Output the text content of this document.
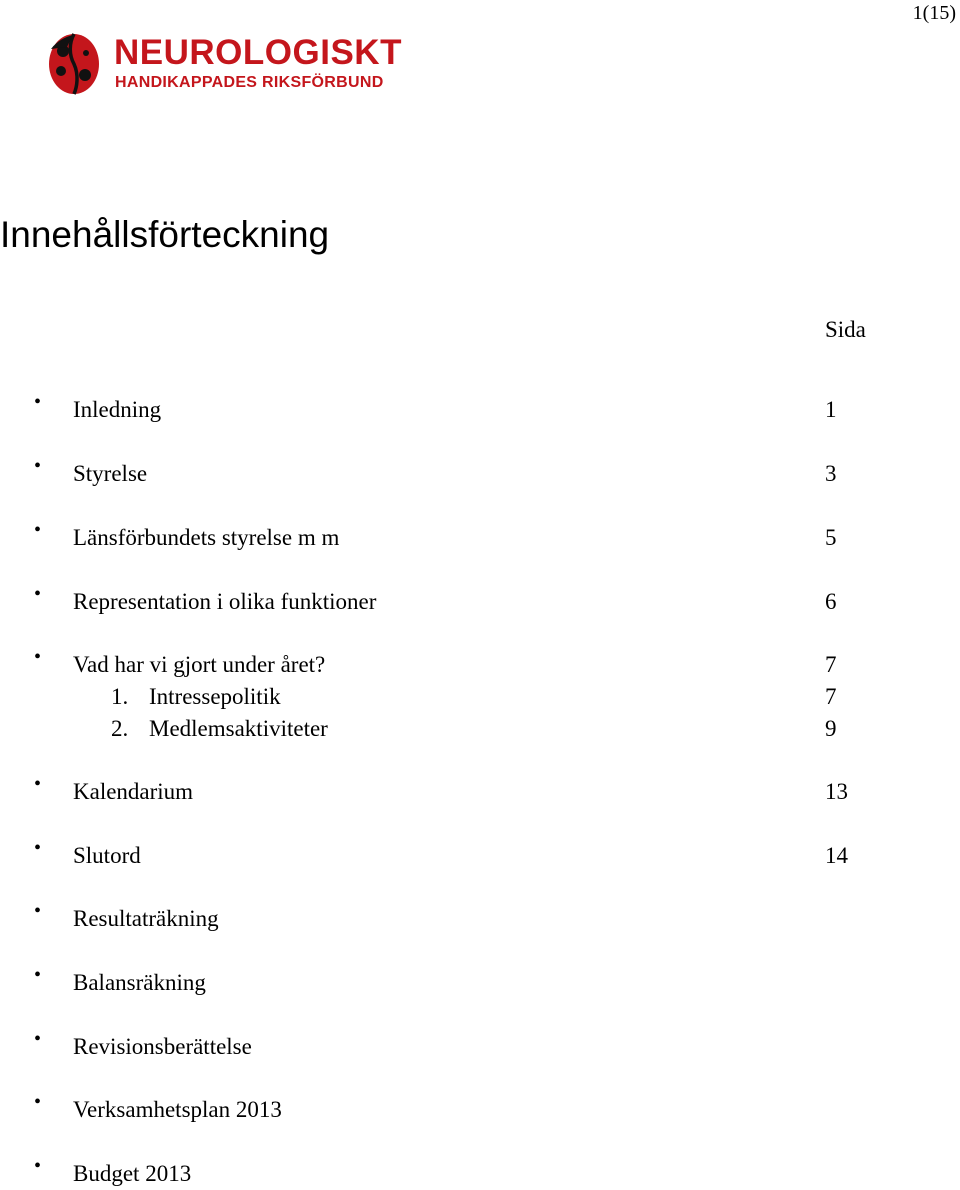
1(15)
NEUROLOGISKT
HANDIKAPPADES RIKSFÖRBUND
Innehållsförteckning
Sida
• Inledning	1
• Styrelse	3
• Länsförbundets styrelse m m	5
• Representation i olika funktioner	6
• Vad har vi gjort under året?	7
1. Intressepolitik	7
2. Medlemsaktiviteter	9
• Kalendarium	13
• Slutord	14
• Resultaträkning
• Balansräkning
• Revisionsberättelse
• Verksamhetsplan 2013
• Budget 2013
